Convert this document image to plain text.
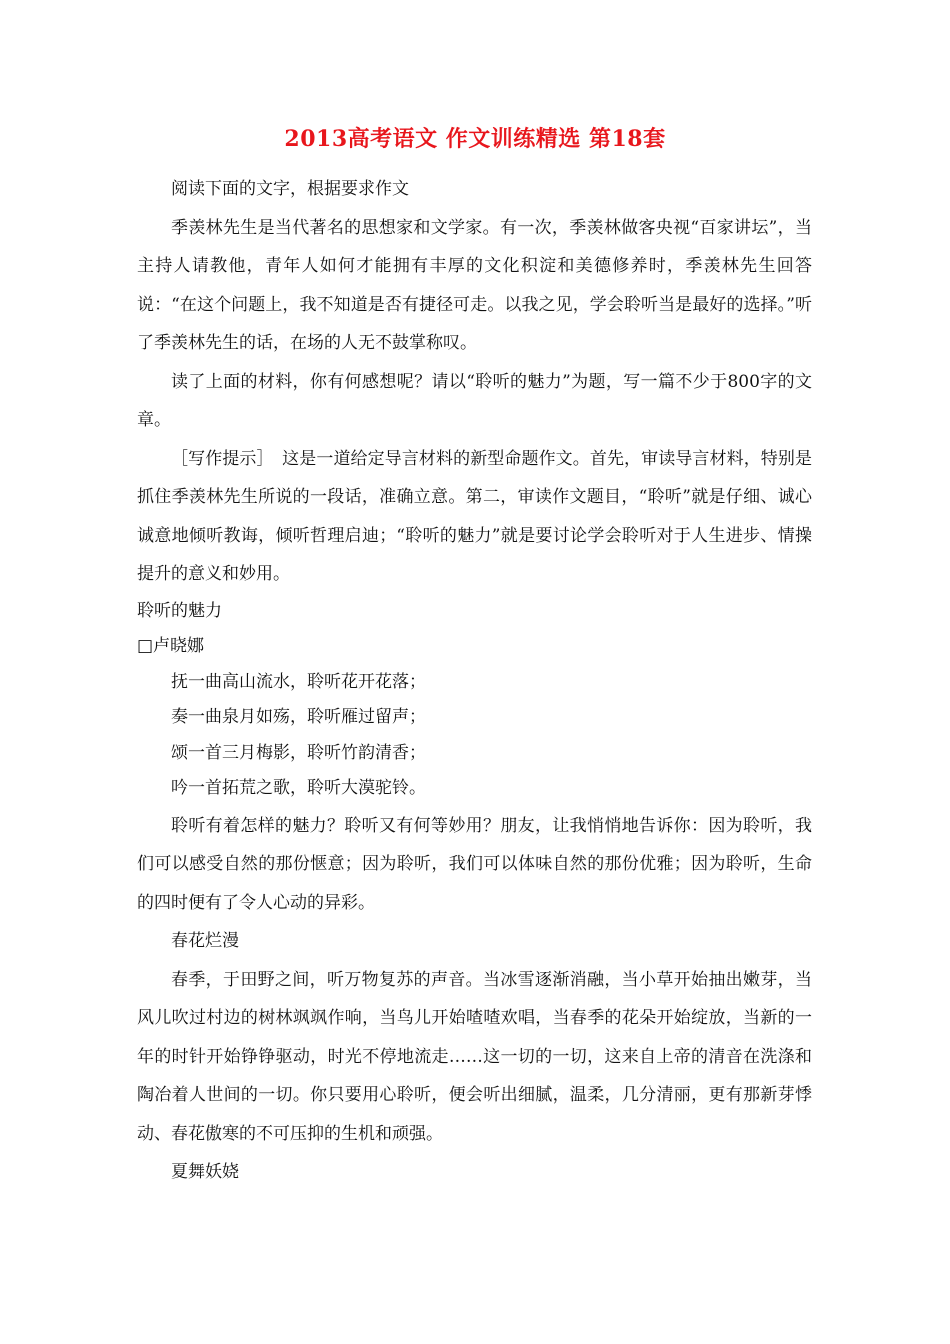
2013高考语文 作文训练精选 第18套

阅读下面的文字，根据要求作文

季羡林先生是当代著名的思想家和文学家。有一次，季羡林做客央视“百家讲坛”，当主持人请教他，青年人如何才能拥有丰厚的文化积淀和美德修养时，季羡林先生回答说：“在这个问题上，我不知道是否有捷径可走。以我之见，学会聆听当是最好的选择。”听了季羡林先生的话，在场的人无不鼓掌称叹。

读了上面的材料，你有何感想呢？请以“聆听的魅力”为题，写一篇不少于800字的文章。

［写作提示］　这是一道给定导言材料的新型命题作文。首先，审读导言材料，特别是抓住季羡林先生所说的一段话，准确立意。第二，审读作文题目，“聆听”就是仔细、诚心诚意地倾听教诲，倾听哲理启迪；“聆听的魅力”就是要讨论学会聆听对于人生进步、情操提升的意义和妙用。

聆听的魅力

□卢晓娜

抚一曲高山流水，聆听花开花落；

奏一曲泉月如殇，聆听雁过留声；

颂一首三月梅影，聆听竹韵清香；

吟一首拓荒之歌，聆听大漠驼铃。

聆听有着怎样的魅力？聆听又有何等妙用？朋友，让我悄悄地告诉你：因为聆听，我们可以感受自然的那份惬意；因为聆听，我们可以体味自然的那份优雅；因为聆听，生命的四时便有了令人心动的异彩。

春花烂漫

春季，于田野之间，听万物复苏的声音。当冰雪逐渐消融，当小草开始抽出嫩芽，当风儿吹过村边的树林飒飒作响，当鸟儿开始喳喳欢唱，当春季的花朵开始绽放，当新的一年的时针开始铮铮驱动，时光不停地流走……这一切的一切，这来自上帝的清音在洗涤和陶冶着人世间的一切。你只要用心聆听，便会听出细腻，温柔，几分清丽，更有那新芽悸动、春花傲寒的不可压抑的生机和顽强。

夏舞妖娆
